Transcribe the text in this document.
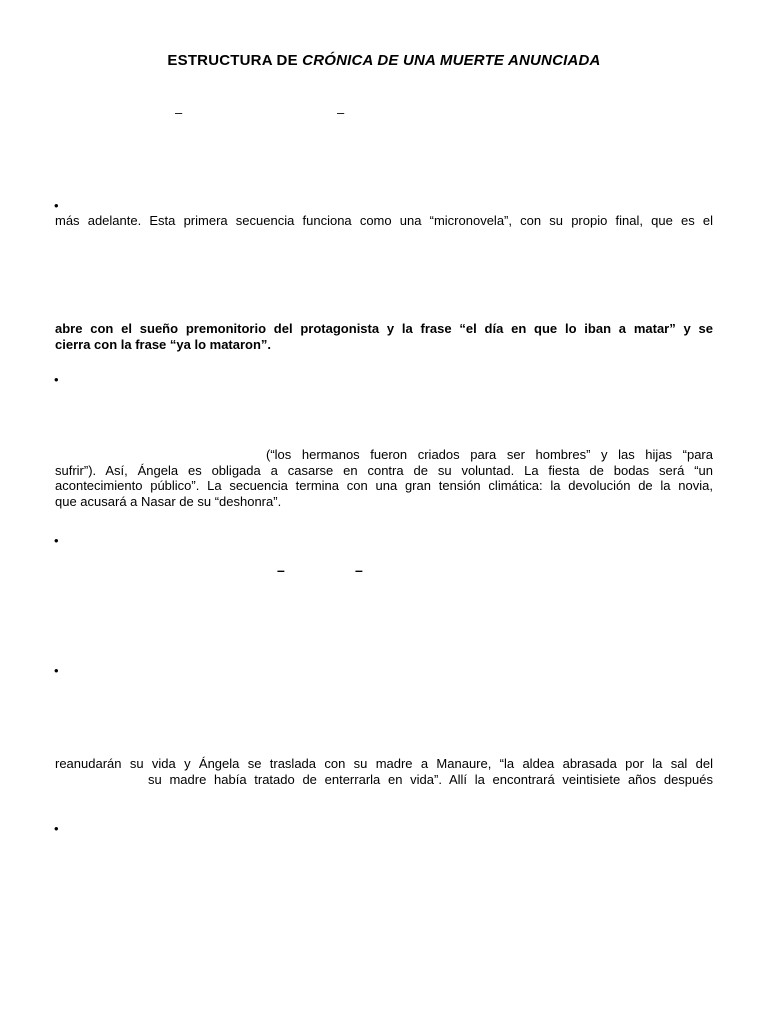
ESTRUCTURA DE CRÓNICA DE UNA MUERTE ANUNCIADA
–	–
•
más adelante. Esta primera secuencia funciona como una “micronovela”, con su propio final, que es el
abre con el sueño premonitorio del protagonista y la frase “el día en que lo iban a matar” y se
cierra con la frase “ya lo mataron”.
•
(“los hermanos fueron criados para ser hombres” y las hijas “para
sufrir”). Así, Ángela es obligada a casarse en contra de su voluntad. La fiesta de bodas será “un
acontecimiento público”. La secuencia termina con una gran tensión climática: la devolución de la novia,
que acusará a Nasar de su “deshonra”.
•
–	–
•
reanudarán su vida y Ángela se traslada con su madre a Manaure, “la aldea abrasada por la sal del
su madre había tratado de enterrarla en vida”. Allí la encontrará veintisiete años después
•
